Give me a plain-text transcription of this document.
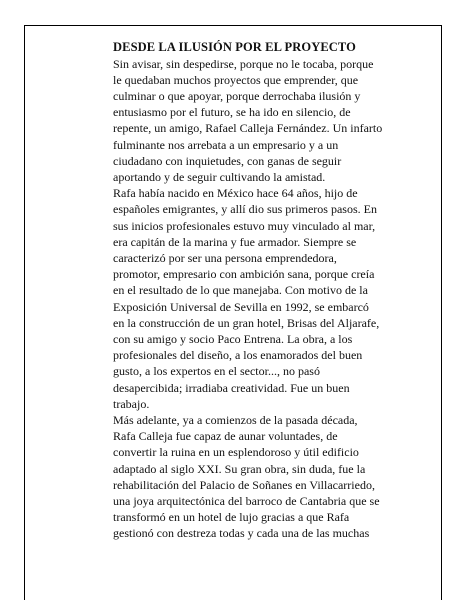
DESDE LA ILUSIÓN POR EL PROYECTO

Sin avisar, sin despedirse, porque no le tocaba, porque
le quedaban muchos proyectos que emprender, que
culminar o que apoyar, porque derrochaba ilusión y
entusiasmo por el futuro, se ha ido en silencio, de
repente, un amigo, Rafael Calleja Fernández. Un infarto
fulminante nos arrebata a un empresario y a un
ciudadano con inquietudes, con ganas de seguir
aportando y de seguir cultivando la amistad.

Rafa había nacido en México hace 64 años, hijo de
españoles emigrantes, y allí dio sus primeros pasos. En
sus inicios profesionales estuvo muy vinculado al mar,
era capitán de la marina y fue armador. Siempre se
caracterizó por ser una persona emprendedora,
promotor, empresario con ambición sana, porque creía
en el resultado de lo que manejaba. Con motivo de la
Exposición Universal de Sevilla en 1992, se embarcó
en la construcción de un gran hotel, Brisas del Aljarafe,
con su amigo y socio Paco Entrena. La obra, a los
profesionales del diseño, a los enamorados del buen
gusto, a los expertos en el sector..., no pasó
desapercibida; irradiaba creatividad. Fue un buen
trabajo.

Más adelante, ya a comienzos de la pasada década,
Rafa Calleja fue capaz de aunar voluntades, de
convertir la ruina en un esplendoroso y útil edificio
adaptado al siglo XXI. Su gran obra, sin duda, fue la
rehabilitación del Palacio de Soñanes en Villacarriedo,
una joya arquitectónica del barroco de Cantabria que se
transformó en un hotel de lujo gracias a que Rafa
gestionó con destreza todas y cada una de las muchas
